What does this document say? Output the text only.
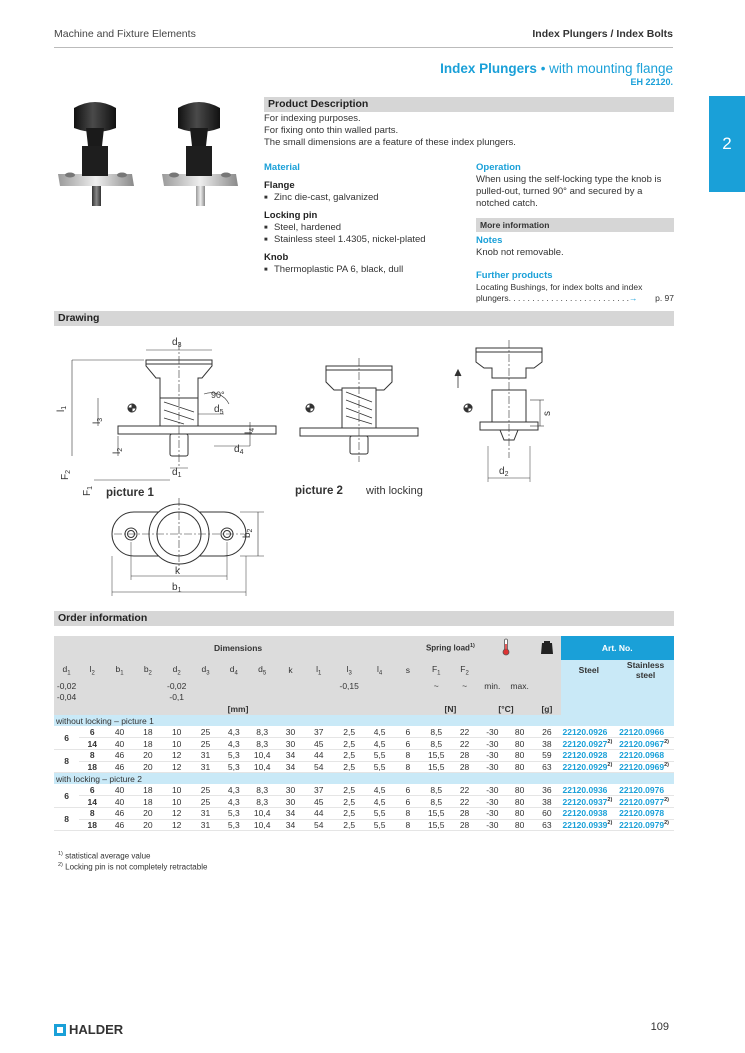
Machine and Fixture Elements	Index Plungers / Index Bolts
Index Plungers • with mounting flange
EH 22120.
2
Product Description
For indexing purposes.
For fixing onto thin walled parts.
The small dimensions are a feature of these index plungers.
Material
Flange
■ Zinc die-cast, galvanized
Locking pin
■ Steel, hardened
■ Stainless steel 1.4305, nickel-plated
Knob
■ Thermoplastic PA 6, black, dull
Operation
When using the self-locking type the knob is pulled-out, turned 90° and secured by a notched catch.
More information
Notes
Knob not removable.
Further products
Locating Bushings, for index bolts and index plungers. . . . . . . . . . . . . . . . . . . . . . . . . .→ p. 97
Drawing
$d_3$
90°
$d_5$
$d_4$
$d_1$
$l_1$
$l_3$
$l_2$
$l_4$
$F_2$
$F_1$ picture 1	picture 2 with locking
s
$d_2$
$b_2$
k
$b_1$
Order information
Dimensions													Spring load$^{1)}$					Art. No.	
$d_1$	$l_2$	$b_1$	$b_2$	$d_2$	$d_3$	$d_4$	$d_5$	k	$l_1$	$l_3$	$l_4$	s	$F_1$	$F_2$				Steel	Stainless steel
-0,02				-0,02						-0,15			~	~	min.	max.			
-0,04				-0,1															
[mm]													[N]		[°C]		[g]		
without locking – picture 1																			
6	6	40	18	10	25	4,3	8,3	30	37	2,5	4,5	6	8,5	22	-30	80	26	22120.0926	22120.0966
	14	40	18	10	25	4,3	8,3	30	45	2,5	4,5	6	8,5	22	-30	80	38	22120.0927$^{2)}$	22120.0967$^{2)}$
8	8	46	20	12	31	5,3	10,4	34	44	2,5	5,5	8	15,5	28	-30	80	59	22120.0928	22120.0968
	18	46	20	12	31	5,3	10,4	34	54	2,5	5,5	8	15,5	28	-30	80	63	22120.0929$^{2)}$	22120.0969$^{2)}$
with locking – picture 2																			
6	6	40	18	10	25	4,3	8,3	30	37	2,5	4,5	6	8,5	22	-30	80	36	22120.0936	22120.0976
	14	40	18	10	25	4,3	8,3	30	45	2,5	4,5	6	8,5	22	-30	80	38	22120.0937$^{2)}$	22120.0977$^{2)}$
8	8	46	20	12	31	5,3	10,4	34	44	2,5	5,5	8	15,5	28	-30	80	60	22120.0938	22120.0978
	18	46	20	12	31	5,3	10,4	34	54	2,5	5,5	8	15,5	28	-30	80	63	22120.0939$^{2)}$	22120.0979$^{2)}$
$^{1)}$ statistical average value
$^{2)}$ Locking pin is not completely retractable
HALDER	109
